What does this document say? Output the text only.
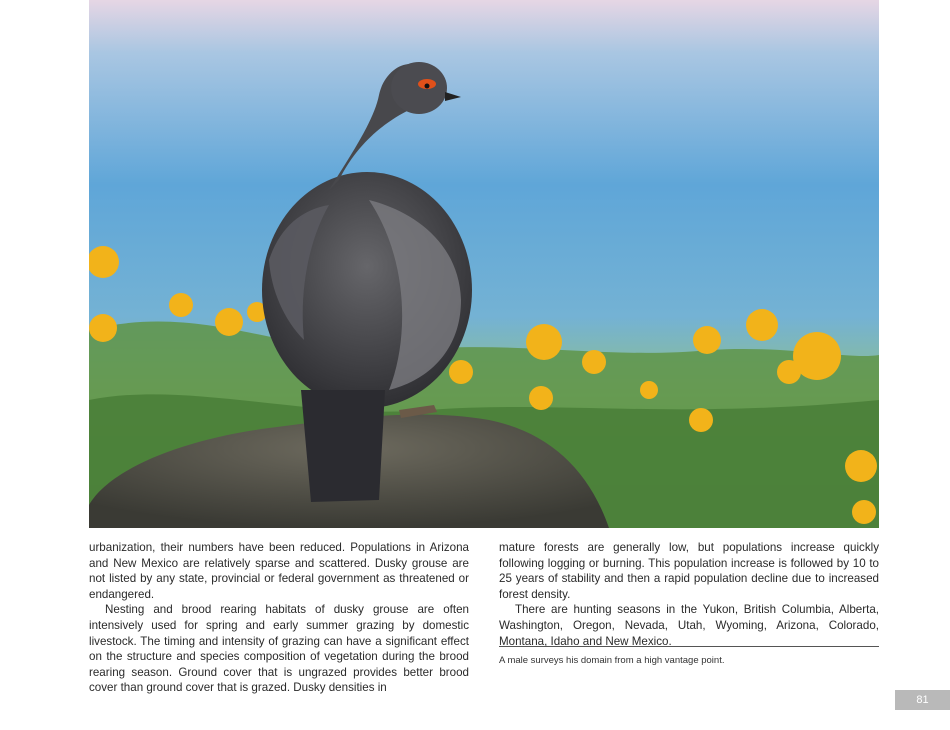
urbanization, their numbers have been reduced. Populations in Arizona and New Mexico are relatively sparse and scattered. Dusky grouse are not listed by any state, provincial or federal government as threatened or endangered.

Nesting and brood rearing habitats of dusky grouse are often intensively used for spring and early summer grazing by domestic livestock. The timing and intensity of grazing can have a significant effect on the structure and species composition of vegetation during the brood rearing season. Ground cover that is ungrazed provides better brood cover than ground cover that is grazed. Dusky densities in

mature forests are generally low, but populations increase quickly following logging or burning. This population increase is followed by 10 to 25 years of stability and then a rapid population decline due to increased forest density.

There are hunting seasons in the Yukon, British Columbia, Alberta, Washington, Oregon, Nevada, Utah, Wyoming, Arizona, Colorado, Montana, Idaho and New Mexico.

A male surveys his domain from a high vantage point.
81
